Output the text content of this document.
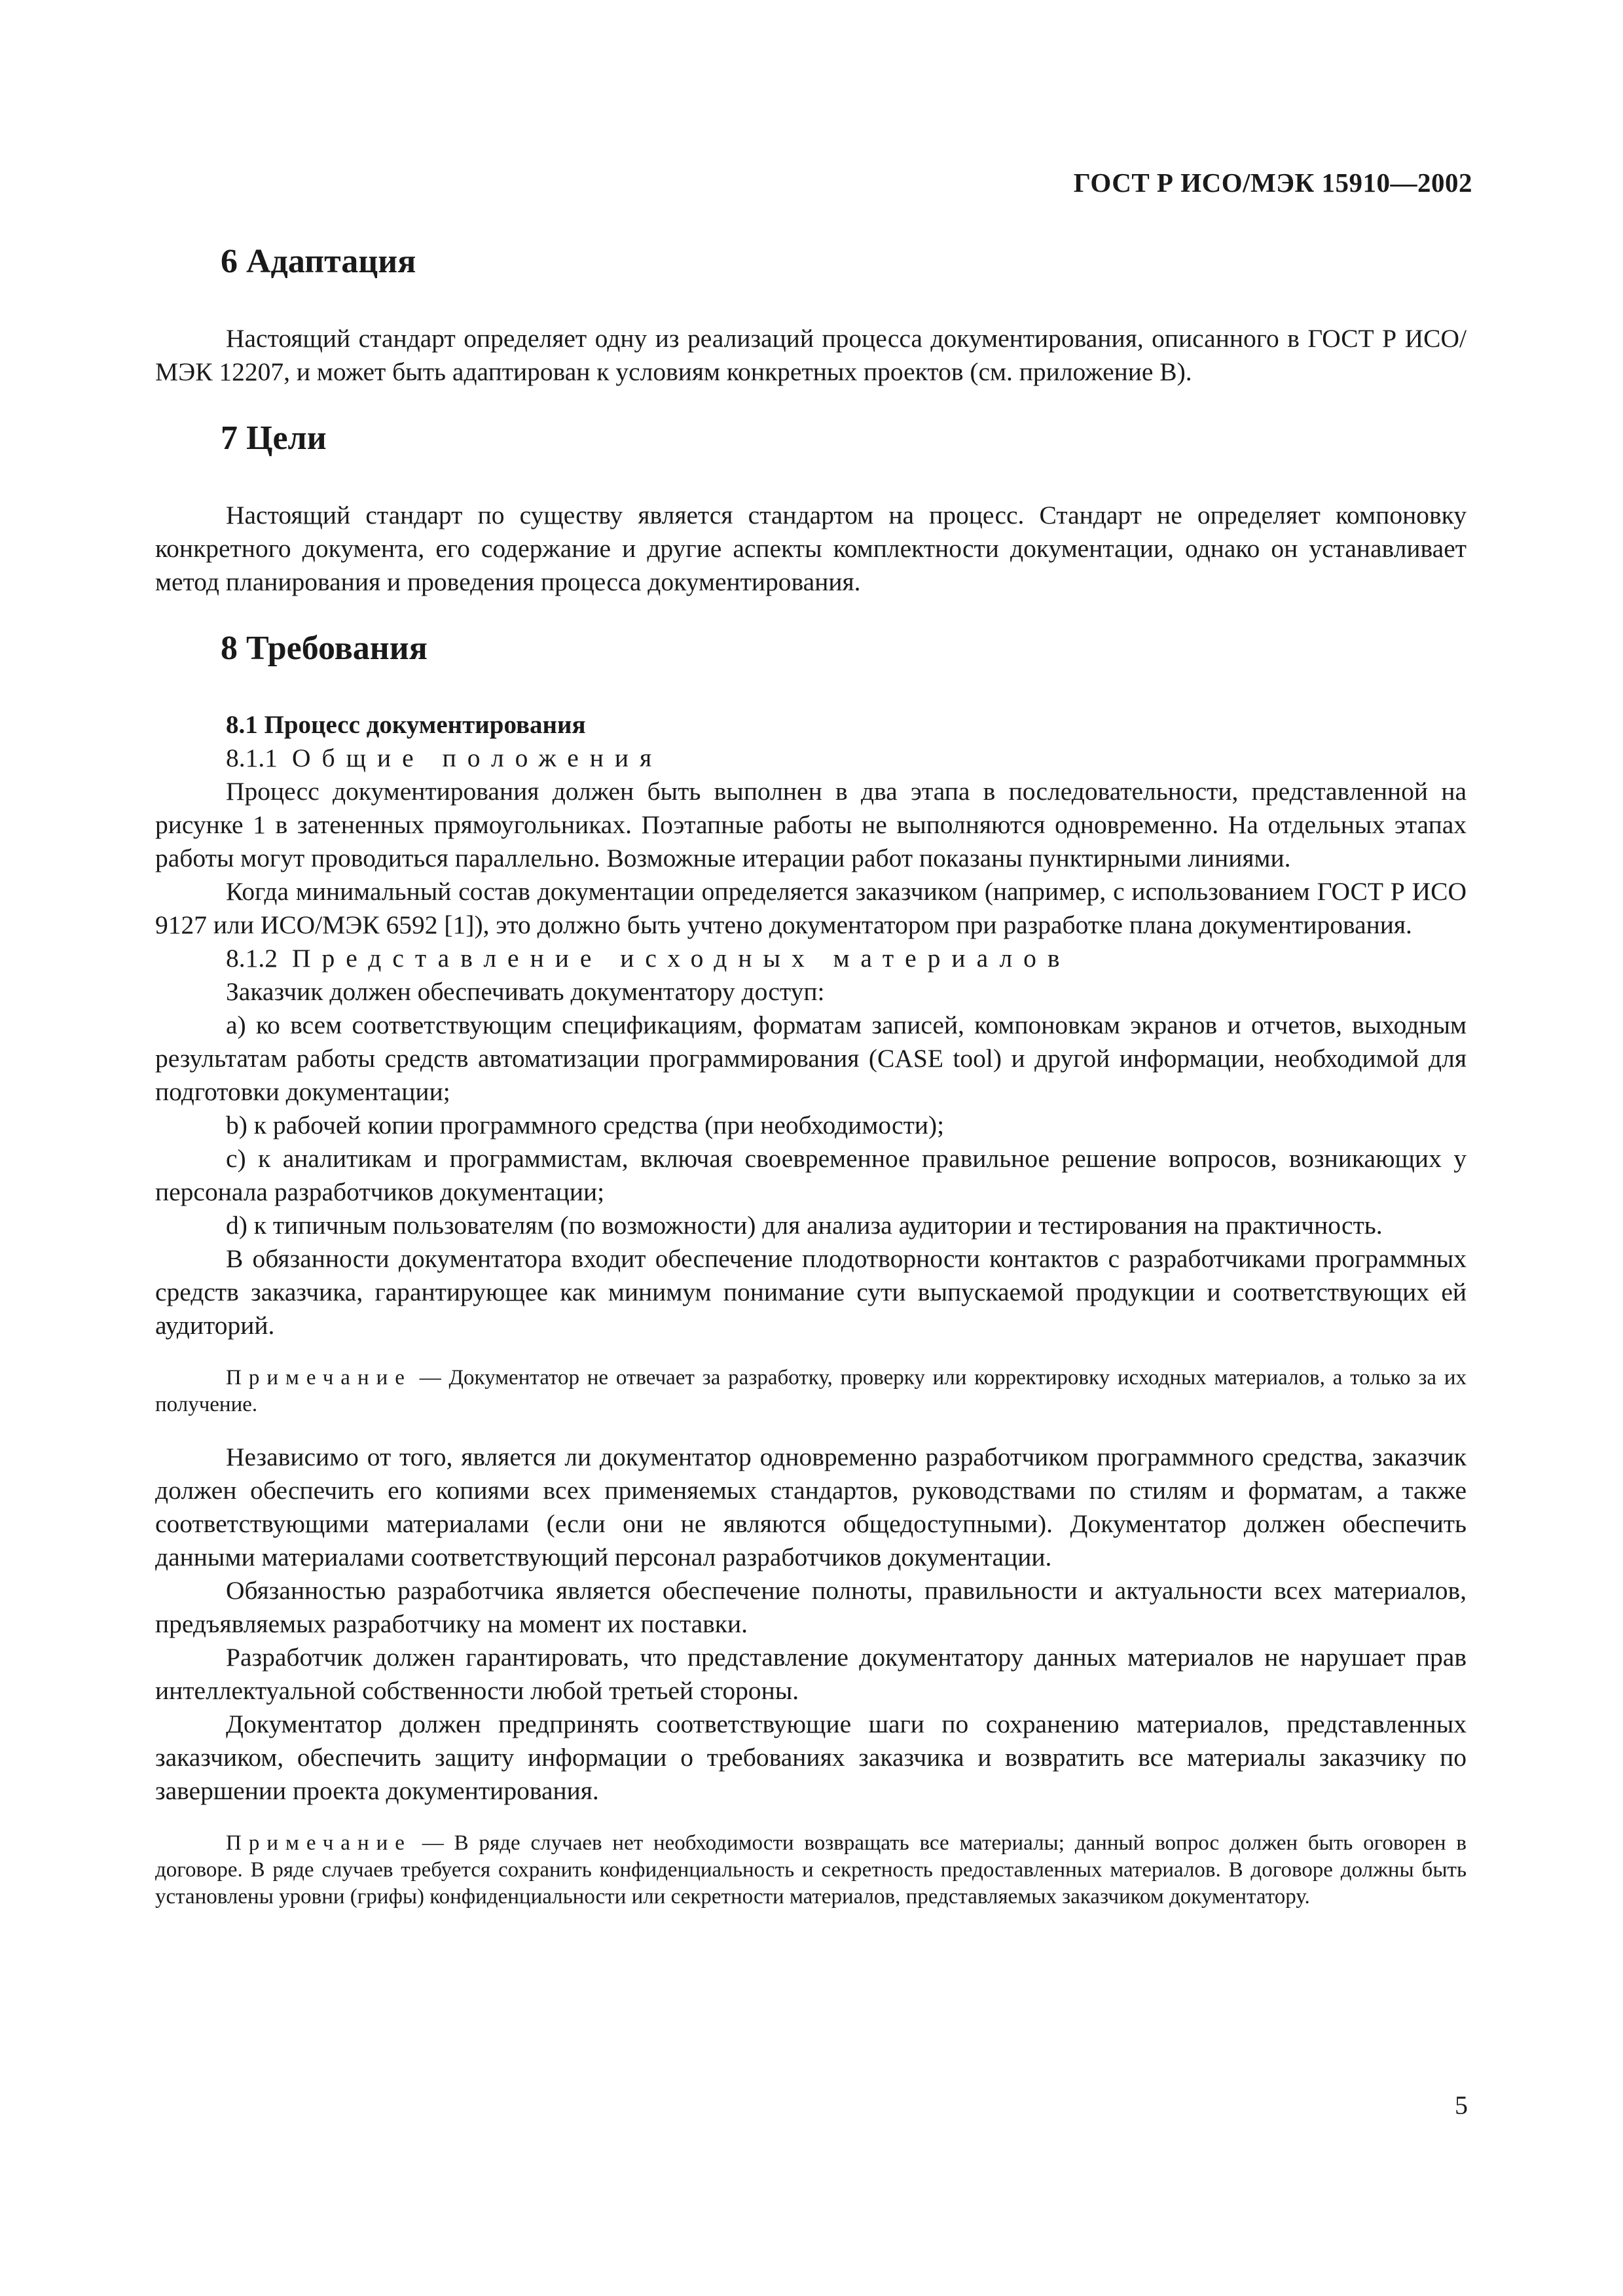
ГОСТ Р ИСО/МЭК 15910—2002
6 Адаптация

Настоящий стандарт определяет одну из реализаций процесса документирования, описанного в ГОСТ Р ИСО/МЭК 12207, и может быть адаптирован к условиям конкретных проектов (см. приложение В).

7 Цели

Настоящий стандарт по существу является стандартом на процесс. Стандарт не определяет компоновку конкретного документа, его содержание и другие аспекты комплектности документации, однако он устанавливает метод планирования и проведения процесса документирования.

8 Требования
8.1 Процесс документирования
8.1.1 Общие положения

Процесс документирования должен быть выполнен в два этапа в последовательности, представленной на рисунке 1 в затененных прямоугольниках. Поэтапные работы не выполняются одновременно. На отдельных этапах работы могут проводиться параллельно. Возможные итерации работ показаны пунктирными линиями.

Когда минимальный состав документации определяется заказчиком (например, с использованием ГОСТ Р ИСО 9127 или ИСО/МЭК 6592 [1]), это должно быть учтено документатором при разработке плана документирования.

8.1.2 Представление исходных материалов

Заказчик должен обеспечивать документатору доступ:

а) ко всем соответствующим спецификациям, форматам записей, компоновкам экранов и отчетов, выходным результатам работы средств автоматизации программирования (CASE tool) и другой информации, необходимой для подготовки документации;

b) к рабочей копии программного средства (при необходимости);

с) к аналитикам и программистам, включая своевременное правильное решение вопросов, возникающих у персонала разработчиков документации;

d) к типичным пользователям (по возможности) для анализа аудитории и тестирования на практичность.

В обязанности документатора входит обеспечение плодотворности контактов с разработчиками программных средств заказчика, гарантирующее как минимум понимание сути выпускаемой продукции и соответствующих ей аудиторий.

Примечание — Документатор не отвечает за разработку, проверку или корректировку исходных материалов, а только за их получение.

Независимо от того, является ли документатор одновременно разработчиком программного средства, заказчик должен обеспечить его копиями всех применяемых стандартов, руководствами по стилям и форматам, а также соответствующими материалами (если они не являются общедоступными). Документатор должен обеспечить данными материалами соответствующий персонал разработчиков документации.

Обязанностью разработчика является обеспечение полноты, правильности и актуальности всех материалов, предъявляемых разработчику на момент их поставки.

Разработчик должен гарантировать, что представление документатору данных материалов не нарушает прав интеллектуальной собственности любой третьей стороны.

Документатор должен предпринять соответствующие шаги по сохранению материалов, представленных заказчиком, обеспечить защиту информации о требованиях заказчика и возвратить все материалы заказчику по завершении проекта документирования.

Примечание — В ряде случаев нет необходимости возвращать все материалы; данный вопрос должен быть оговорен в договоре. В ряде случаев требуется сохранить конфиденциальность и секретность предоставленных материалов. В договоре должны быть установлены уровни (грифы) конфиденциальности или секретности материалов, представляемых заказчиком документатору.

5
